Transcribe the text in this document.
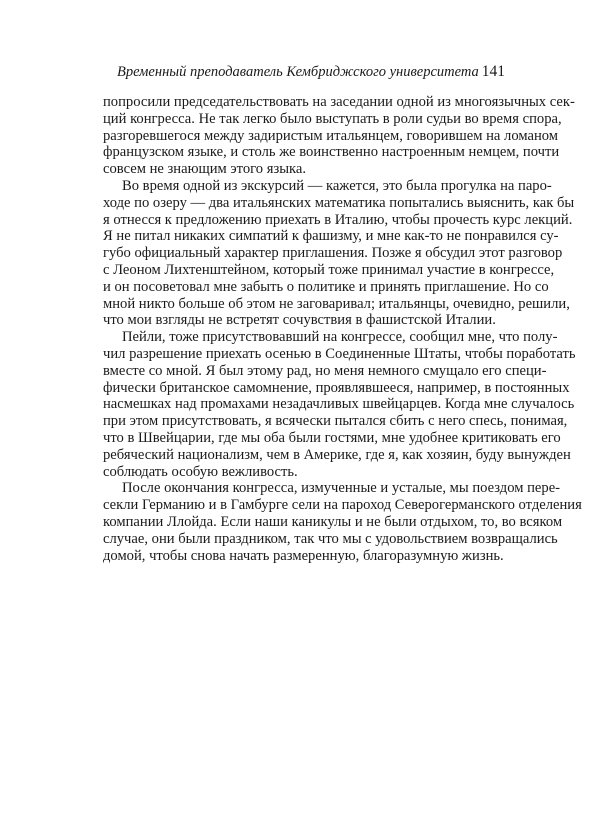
Временный преподаватель Кембриджского университета 141
попросили председательствовать на заседании одной из многоязычных сек-
ций конгресса. Не так легко было выступать в роли судьи во время спора,
разгоревшегося между задиристым итальянцем, говорившем на ломаном
французском языке, и столь же воинственно настроенным немцем, почти
совсем не знающим этого языка.
Во время одной из экскурсий — кажется, это была прогулка на паро-
ходе по озеру — два итальянских математика попытались выяснить, как бы
я отнесся к предложению приехать в Италию, чтобы прочесть курс лекций.
Я не питал никаких симпатий к фашизму, и мне как-то не понравился су-
губо официальный характер приглашения. Позже я обсудил этот разговор
с Леоном Лихтенштейном, который тоже принимал участие в конгрессе,
и он посоветовал мне забыть о политике и принять приглашение. Но со
мной никто больше об этом не заговаривал; итальянцы, очевидно, решили,
что мои взгляды не встретят сочувствия в фашистской Италии.
Пейли, тоже присутствовавший на конгрессе, сообщил мне, что полу-
чил разрешение приехать осенью в Соединенные Штаты, чтобы поработать
вместе со мной. Я был этому рад, но меня немного смущало его специ-
фически британское самомнение, проявлявшееся, например, в постоянных
насмешках над промахами незадачливых швейцарцев. Когда мне случалось
при этом присутствовать, я всячески пытался сбить с него спесь, понимая,
что в Швейцарии, где мы оба были гостями, мне удобнее критиковать его
ребяческий национализм, чем в Америке, где я, как хозяин, буду вынужден
соблюдать особую вежливость.
После окончания конгресса, измученные и усталые, мы поездом пере-
секли Германию и в Гамбурге сели на пароход Северогерманского отделения
компании Ллойда. Если наши каникулы и не были отдыхом, то, во всяком
случае, они были праздником, так что мы с удовольствием возвращались
домой, чтобы снова начать размеренную, благоразумную жизнь.
